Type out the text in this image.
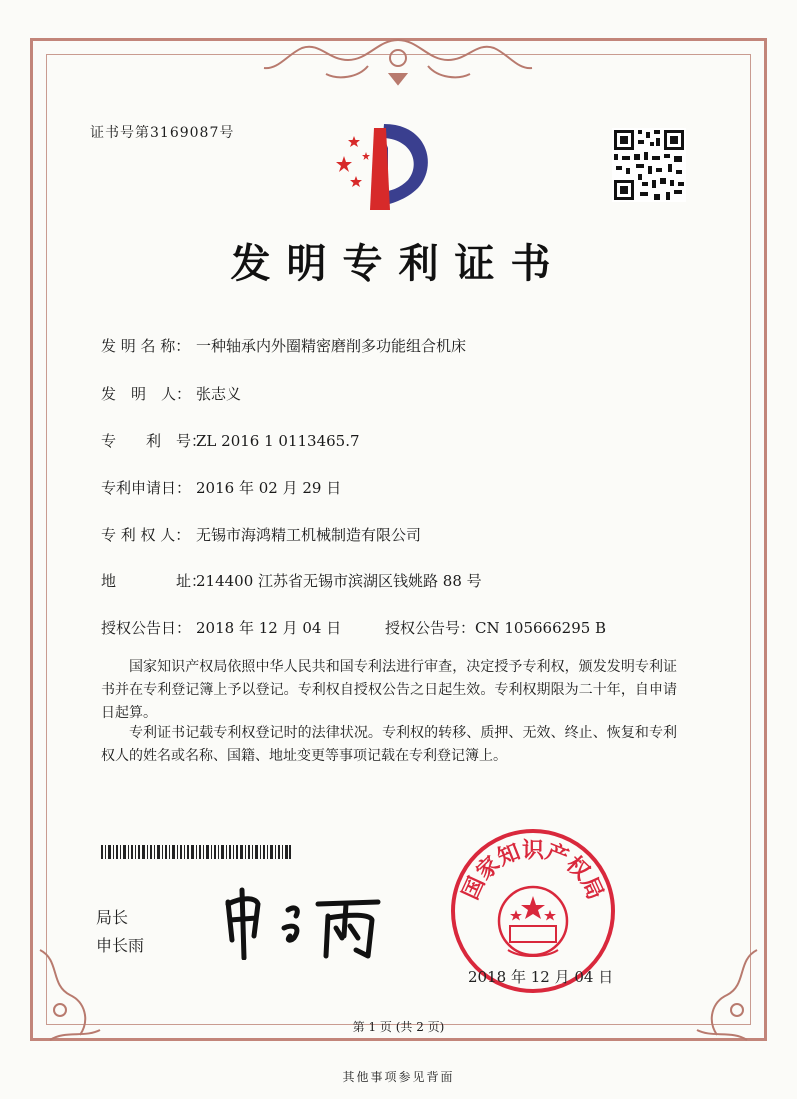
证书号第3169087号
发明专利证书
发 明 名 称： 一种轴承内外圈精密磨削多功能组合机床
发　明　人： 张志义
专　　利　号：ZL 2016 1 0113465.7
专利申请日： 2016 年 02 月 29 日
专 利 权 人： 无锡市海鸿精工机械制造有限公司
地　　　　址：214400 江苏省无锡市滨湖区钱姚路 88 号
授权公告日： 2018 年 12 月 04 日	授权公告号：CN 105666295 B
国家知识产权局依照中华人民共和国专利法进行审查，决定授予专利权，颁发发明专利证书并在专利登记簿上予以登记。专利权自授权公告之日起生效。专利权期限为二十年，自申请日起算。
专利证书记载专利权登记时的法律状况。专利权的转移、质押、无效、终止、恢复和专利权人的姓名或名称、国籍、地址变更等事项记载在专利登记簿上。
局长
申长雨
国家知识产权局
2018 年 12 月 04 日
第 1 页 (共 2 页)
其他事项参见背面
